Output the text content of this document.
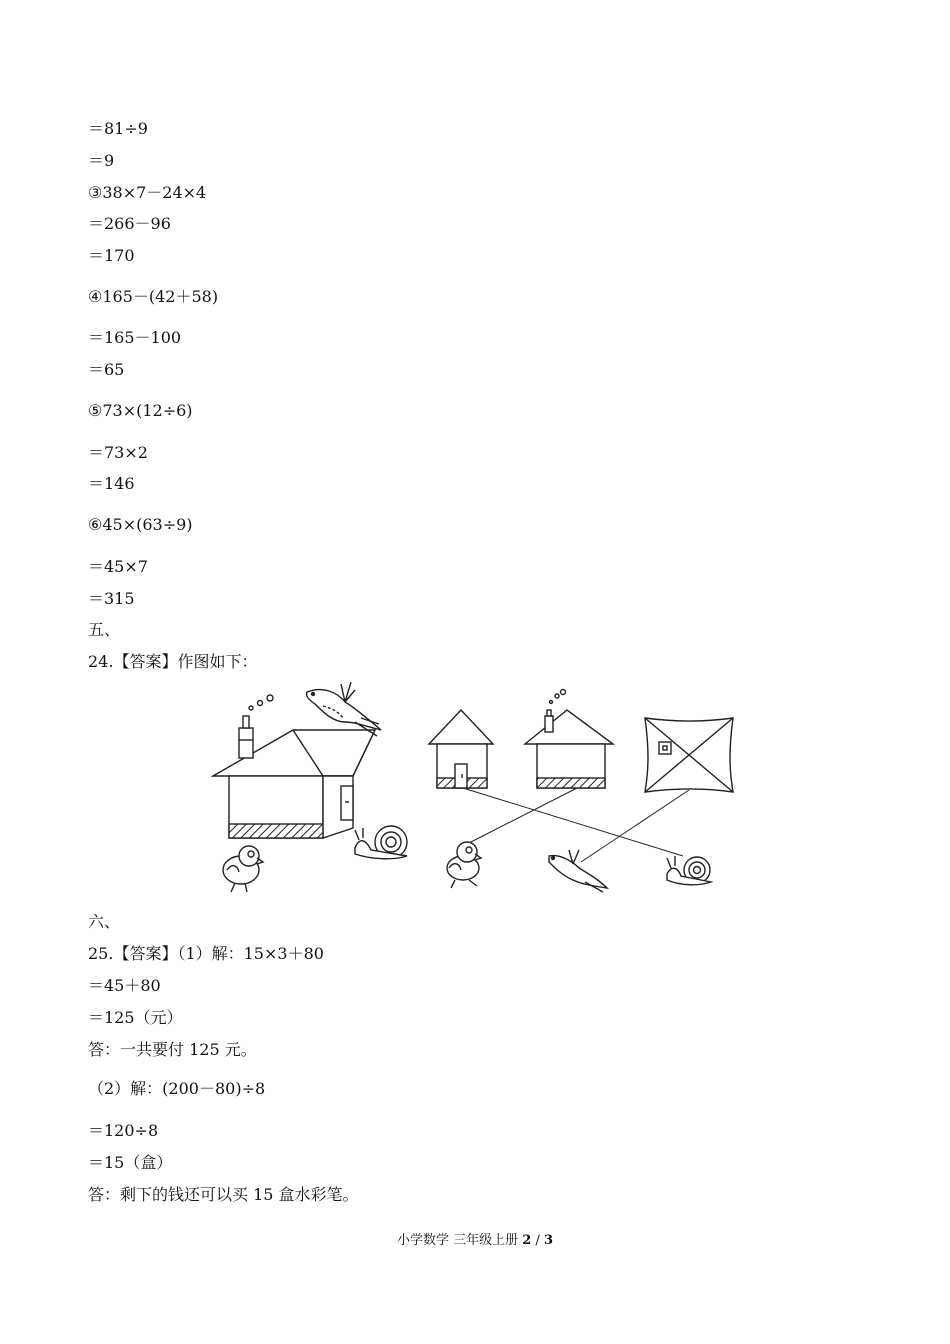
＝81÷9
＝9
③38×7－24×4
＝266－96
＝170
④165－(42＋58)
＝165－100
＝65
⑤73×(12÷6)
＝73×2
＝146
⑥45×(63÷9)
＝45×7
＝315
五、
24.【答案】作图如下：
六、
25.【答案】（1）解：15×3＋80
＝45＋80
＝125（元）
答：一共要付 125 元。
（2）解：(200－80)÷8
＝120÷8
＝15（盒）
答：剩下的钱还可以买 15 盒水彩笔。
小学数学 三年级上册 2 / 3
